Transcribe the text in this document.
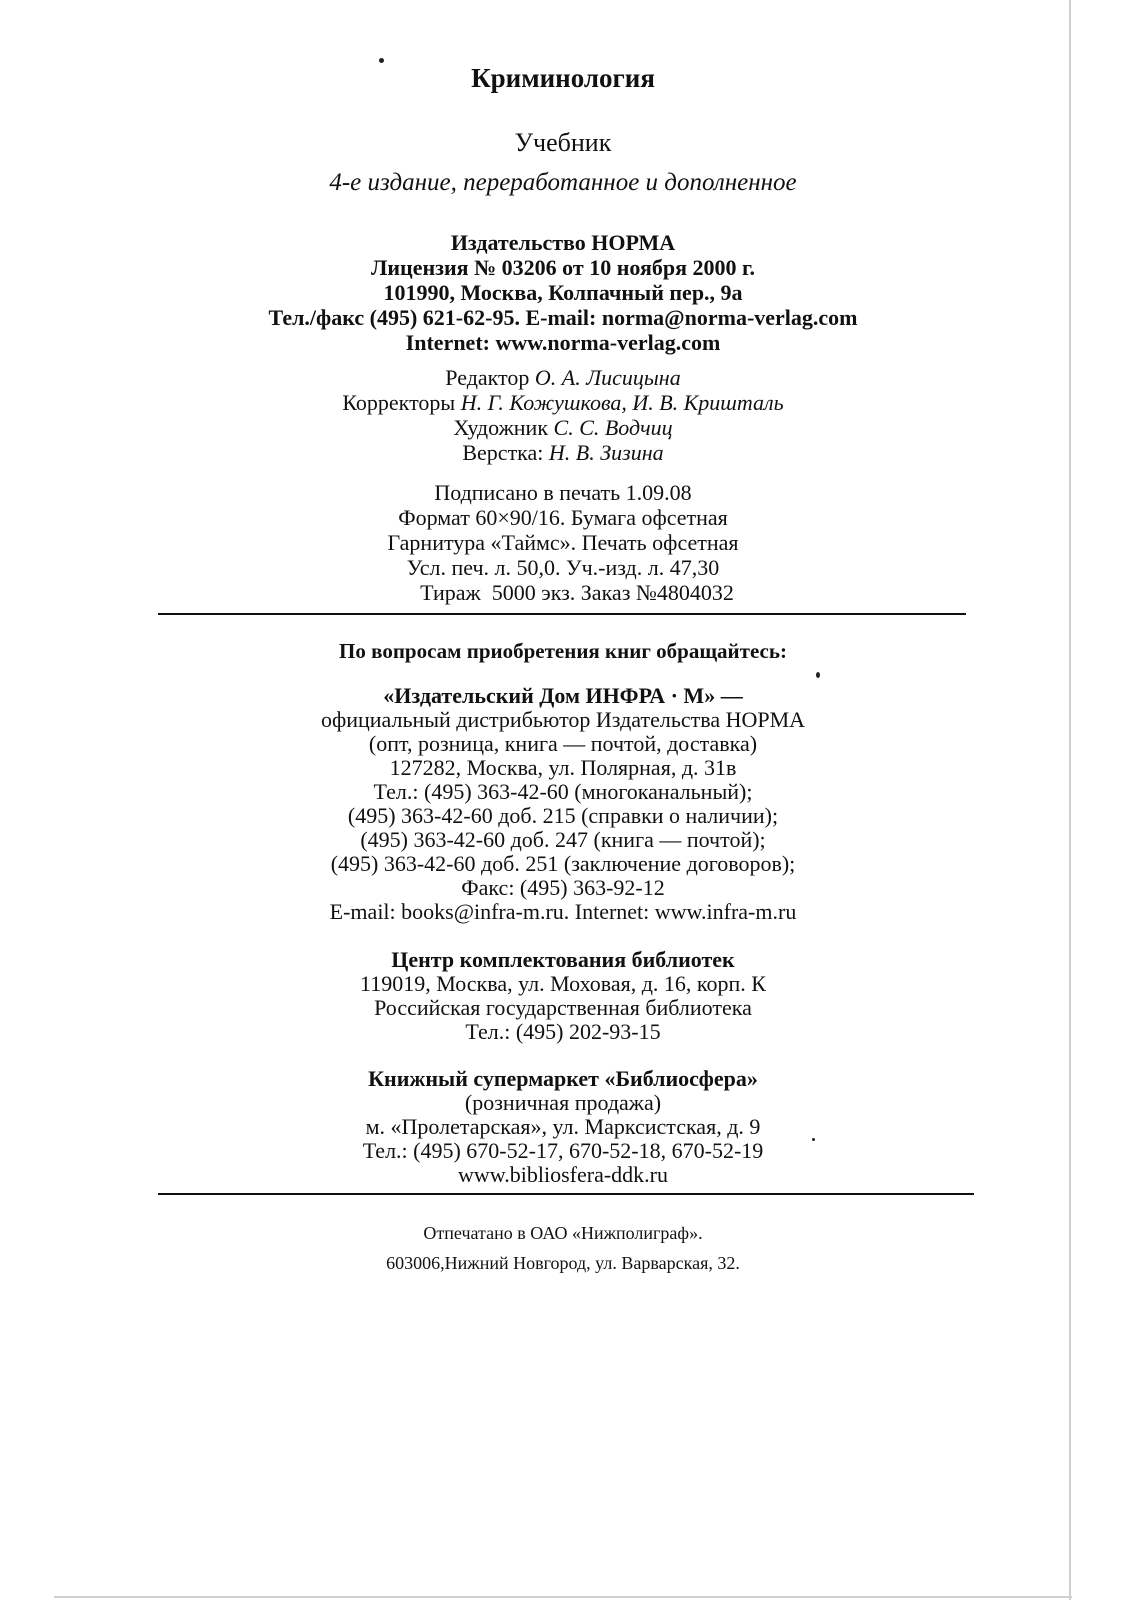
Криминология
Учебник
4-е издание, переработанное и дополненное
Издательство НОРМА
Лицензия № 03206 от 10 ноября 2000 г.
101990, Москва, Колпачный пер., 9а
Тел./факс (495) 621-62-95. E-mail: norma@norma-verlag.com
Internet: www.norma-verlag.com
Редактор О. А. Лисицына
Корректоры Н. Г. Кожушкова, И. В. Кришталь
Художник С. С. Водчиц
Верстка: Н. В. Зизина
Подписано в печать 1.09.08
Формат 60×90/16. Бумага офсетная
Гарнитура «Таймс». Печать офсетная
Усл. печ. л. 50,0. Уч.-изд. л. 47,30
Тираж  5000 экз. Заказ №4804032
По вопросам приобретения книг обращайтесь:
«Издательский Дом ИНФРА · М» —
официальный дистрибьютор Издательства НОРМА
(опт, розница, книга — почтой, доставка)
127282, Москва, ул. Полярная, д. 31в
Тел.: (495) 363-42-60 (многоканальный);
(495) 363-42-60 доб. 215 (справки о наличии);
(495) 363-42-60 доб. 247 (книга — почтой);
(495) 363-42-60 доб. 251 (заключение договоров);
Факс: (495) 363-92-12
E-mail: books@infra-m.ru. Internet: www.infra-m.ru
Центр комплектования библиотек
119019, Москва, ул. Моховая, д. 16, корп. К
Российская государственная библиотека
Тел.: (495) 202-93-15
Книжный супермаркет «Библиосфера»
(розничная продажа)
м. «Пролетарская», ул. Марксистская, д. 9
Тел.: (495) 670-52-17, 670-52-18, 670-52-19
www.bibliosfera-ddk.ru
Отпечатано в ОАО «Нижполиграф».
603006,Нижний Новгород, ул. Варварская, 32.
